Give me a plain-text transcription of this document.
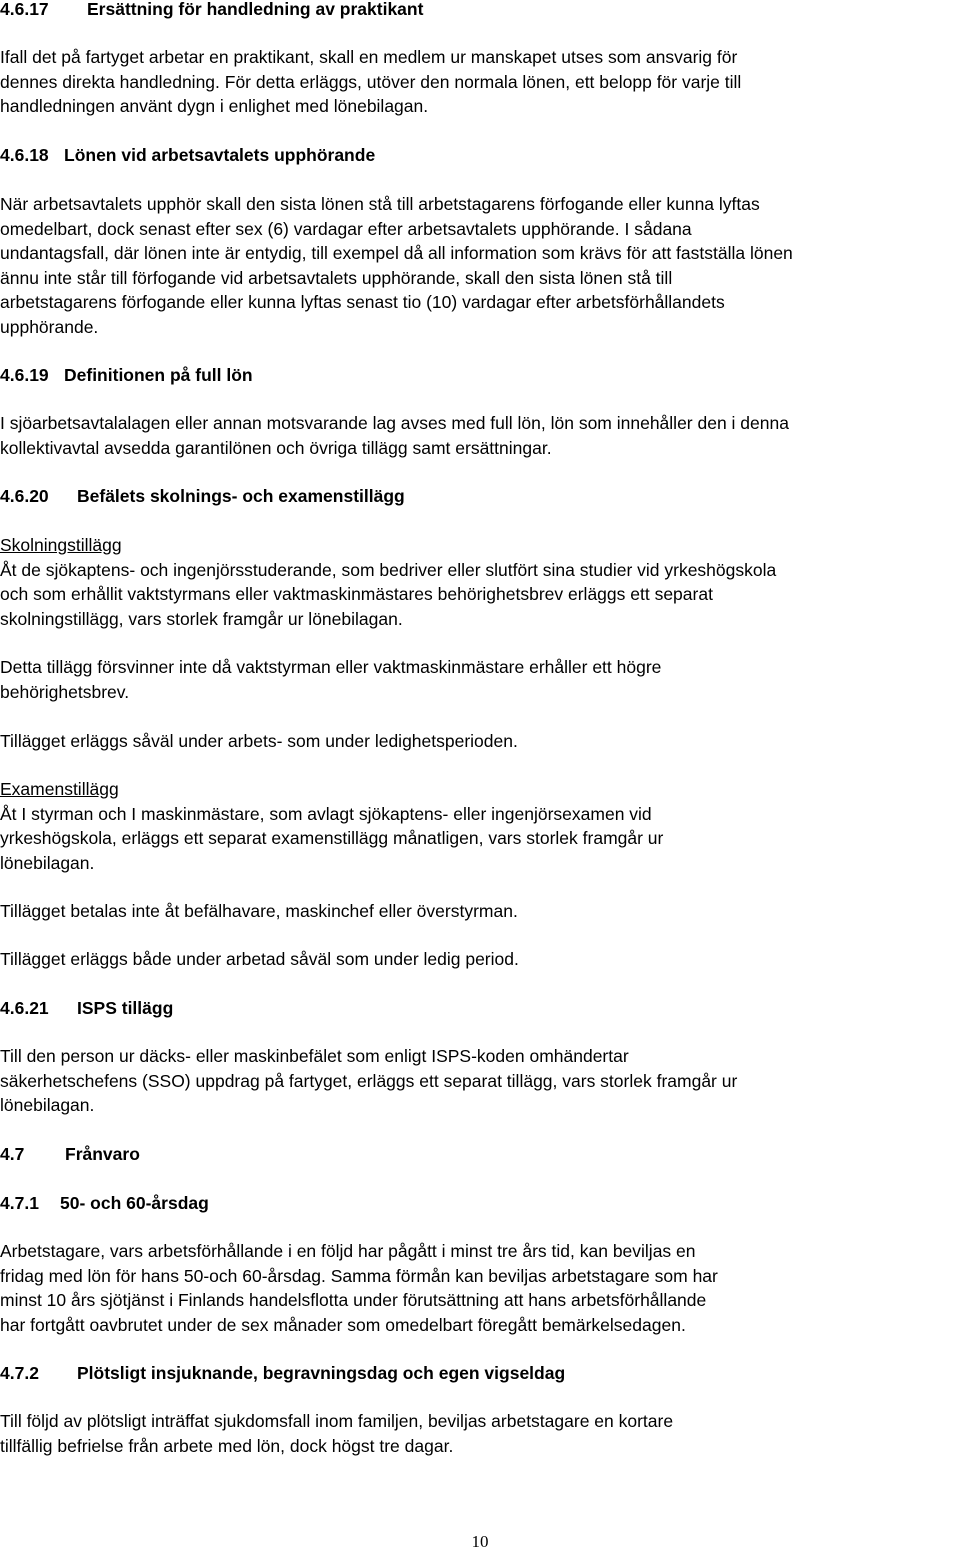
4.6.17 Ersättning för handledning av praktikant
Ifall det på fartyget arbetar en praktikant, skall en medlem ur manskapet utses som ansvarig för
dennes direkta handledning. För detta erläggs, utöver den normala lönen, ett belopp för varje till
handledningen använt dygn i enlighet med lönebilagan.
4.6.18 Lönen vid arbetsavtalets upphörande
När arbetsavtalets upphör skall den sista lönen stå till arbetstagarens förfogande eller kunna lyftas
omedelbart, dock senast efter sex (6) vardagar efter arbetsavtalets upphörande. I sådana
undantagsfall, där lönen inte är entydig, till exempel då all information som krävs för att fastställa lönen
ännu inte står till förfogande vid arbetsavtalets upphörande, skall den sista lönen stå till
arbetstagarens förfogande eller kunna lyftas senast tio (10) vardagar efter arbetsförhållandets
upphörande.
4.6.19 Definitionen på full lön
I sjöarbetsavtalalagen eller annan motsvarande lag avses med full lön, lön som innehåller den i denna
kollektivavtal avsedda garantilönen och övriga tillägg samt ersättningar.
4.6.20 Befälets skolnings- och examenstillägg
Skolningstillägg
Åt de sjökaptens- och ingenjörsstuderande, som bedriver eller slutfört sina studier vid yrkeshögskola
och som erhållit vaktstyrmans eller vaktmaskinmästares behörighetsbrev erläggs ett separat
skolningstillägg, vars storlek framgår ur lönebilagan.
Detta tillägg försvinner inte då vaktstyrman eller vaktmaskinmästare erhåller ett högre
behörighetsbrev.
Tillägget erläggs såväl under arbets- som under ledighetsperioden.
Examenstillägg
Åt I styrman och I maskinmästare, som avlagt sjökaptens- eller ingenjörsexamen vid
yrkeshögskola, erläggs ett separat examenstillägg månatligen, vars storlek framgår ur
lönebilagan.
Tillägget betalas inte åt befälhavare, maskinchef eller överstyrman.
Tillägget erläggs både under arbetad såväl som under ledig period.
4.6.21 ISPS tillägg
Till den person ur däcks- eller maskinbefälet som enligt ISPS-koden omhändertar
säkerhetschefens (SSO) uppdrag på fartyget, erläggs ett separat tillägg, vars storlek framgår ur
lönebilagan.
4.7 Frånvaro
4.7.1 50- och 60-årsdag
Arbetstagare, vars arbetsförhållande i en följd har pågått i minst tre års tid, kan beviljas en
fridag med lön för hans 50-och 60-årsdag. Samma förmån kan beviljas arbetstagare som har
minst 10 års sjötjänst i Finlands handelsflotta under förutsättning att hans arbetsförhållande
har fortgått oavbrutet under de sex månader som omedelbart föregått bemärkelsedagen.
4.7.2 Plötsligt insjuknande, begravningsdag och egen vigseldag
Till följd av plötsligt inträffat sjukdomsfall inom familjen, beviljas arbetstagare en kortare
tillfällig befrielse från arbete med lön, dock högst tre dagar.
10
